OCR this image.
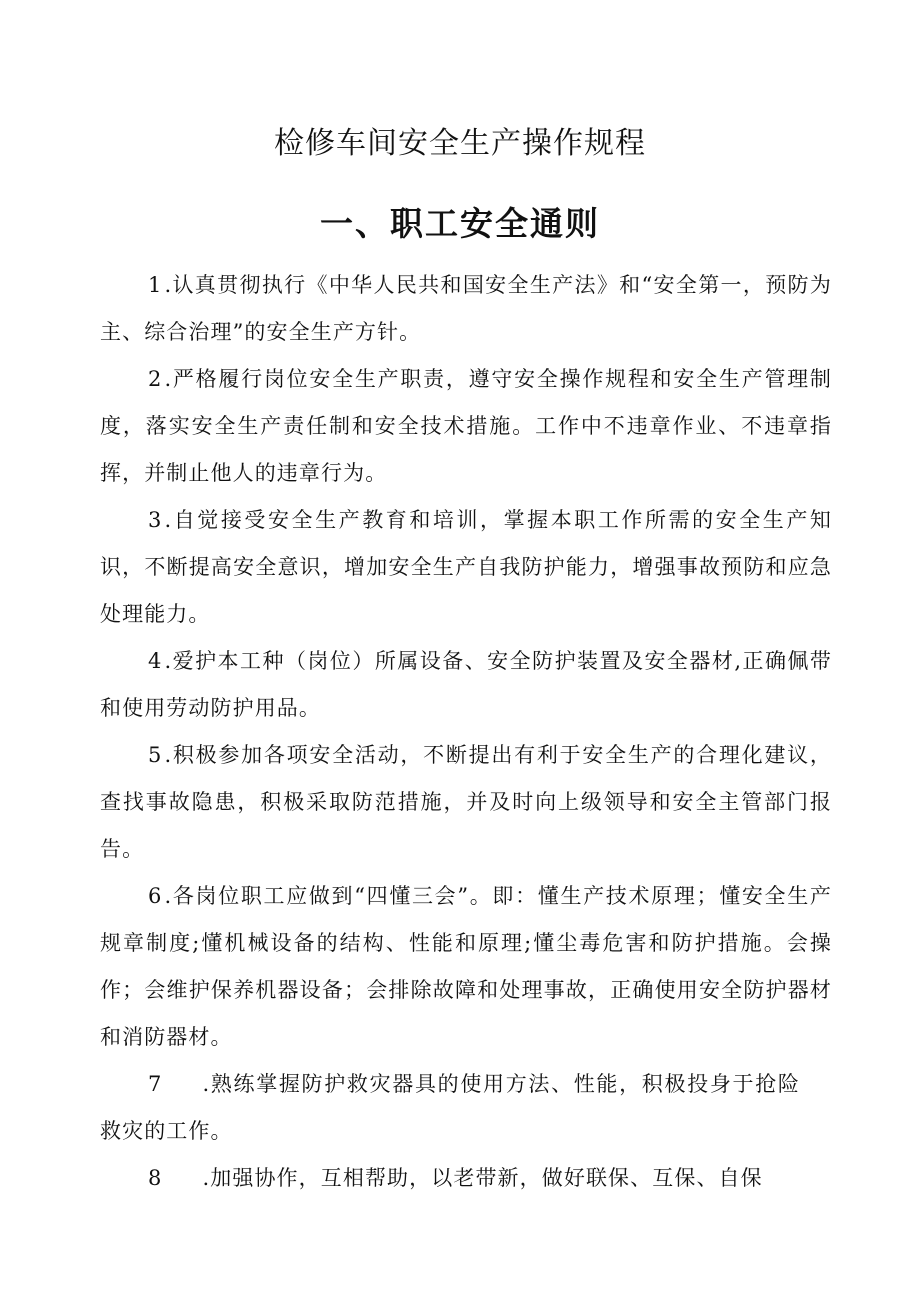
检修车间安全生产操作规程
一、职工安全通则

1.认真贯彻执行《中华人民共和国安全生产法》和“安全第一，预防为主、综合治理”的安全生产方针。

2.严格履行岗位安全生产职责，遵守安全操作规程和安全生产管理制度，落实安全生产责任制和安全技术措施。工作中不违章作业、不违章指挥，并制止他人的违章行为。

3.自觉接受安全生产教育和培训，掌握本职工作所需的安全生产知识，不断提高安全意识，增加安全生产自我防护能力，增强事故预防和应急处理能力。

4.爱护本工种（岗位）所属设备、安全防护装置及安全器材,正确佩带和使用劳动防护用品。

5.积极参加各项安全活动，不断提出有利于安全生产的合理化建议，查找事故隐患，积极采取防范措施，并及时向上级领导和安全主管部门报告。

6.各岗位职工应做到“四懂三会”。即：懂生产技术原理；懂安全生产规章制度;懂机械设备的结构、性能和原理;懂尘毒危害和防护措施。会操作；会维护保养机器设备；会排除故障和处理事故，正确使用安全防护器材和消防器材。

7 .熟练掌握防护救灾器具的使用方法、性能，积极投身于抢险救灾的工作。

8 .加强协作，互相帮助，以老带新，做好联保、互保、自保
